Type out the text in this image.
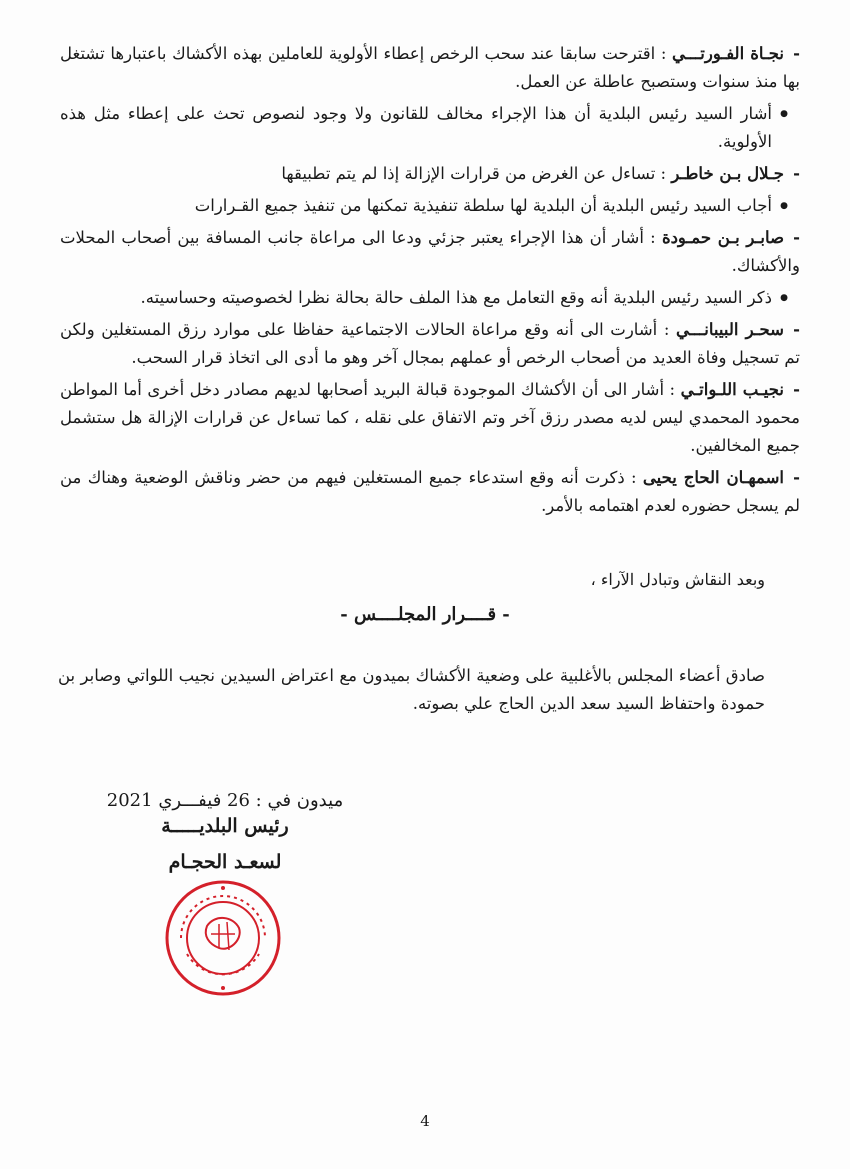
-نجـاة الفـورتـــي : اقترحت سابقا عند سحب الرخص إعطاء الأولوية للعاملين بهذه الأكشاك باعتبارها تشتغل بها منذ سنوات وستصبح عاطلة عن العمل.
● أشار السيد رئيس البلدية أن هذا الإجراء مخالف للقانون ولا وجود لنصوص تحث على إعطاء مثل هذه الأولوية.
-جـلال بـن خاطـر : تساءل عن الغرض من قرارات الإزالة إذا لم يتم تطبيقها
● أجاب السيد رئيس البلدية أن البلدية لها سلطة تنفيذية تمكنها من تنفيذ جميع القـرارات
-صابـر بـن حمـودة : أشار أن هذا الإجراء يعتبر جزئي ودعا الى مراعاة جانب المسافة بين أصحاب المحلات والأكشاك.
● ذكر السيد رئيس البلدية أنه وقع التعامل مع هذا الملف حالة بحالة نظرا لخصوصيته وحساسيته.
-سحـر البيبانـــي : أشارت الى أنه وقع مراعاة الحالات الاجتماعية حفاظا على موارد رزق المستغلين ولكن تم تسجيل وفاة العديد من أصحاب الرخص أو عملهم بمجال آخر وهو ما أدى الى اتخاذ قرار السحب.
-نجيـب اللـواتـي : أشار الى أن الأكشاك الموجودة قبالة البريد أصحابها لديهم مصادر دخل أخرى أما المواطن محمود المحمدي ليس لديه مصدر رزق آخر وتم الاتفاق على نقله ، كما تساءل عن قرارات الإزالة هل ستشمل جميع المخالفين.
-اسمهـان الحاج يحيى : ذكرت أنه وقع استدعاء جميع المستغلين فيهم من حضر وناقش الوضعية وهناك من لم يسجل حضوره لعدم اهتمامه بالأمر.
وبعد النقاش وتبادل الآراء ،
- قــــرار المجلــــس -
صادق أعضاء المجلس بالأغلبية على وضعية الأكشاك بميدون مع اعتراض السيدين نجيب اللواتي وصابر بن حمودة واحتفاظ السيد سعد الدين الحاج علي بصوته.
ميدون في : 26 فيفـــري 2021
رئيس البلديـــــة
لسعـد الحجـام
4
